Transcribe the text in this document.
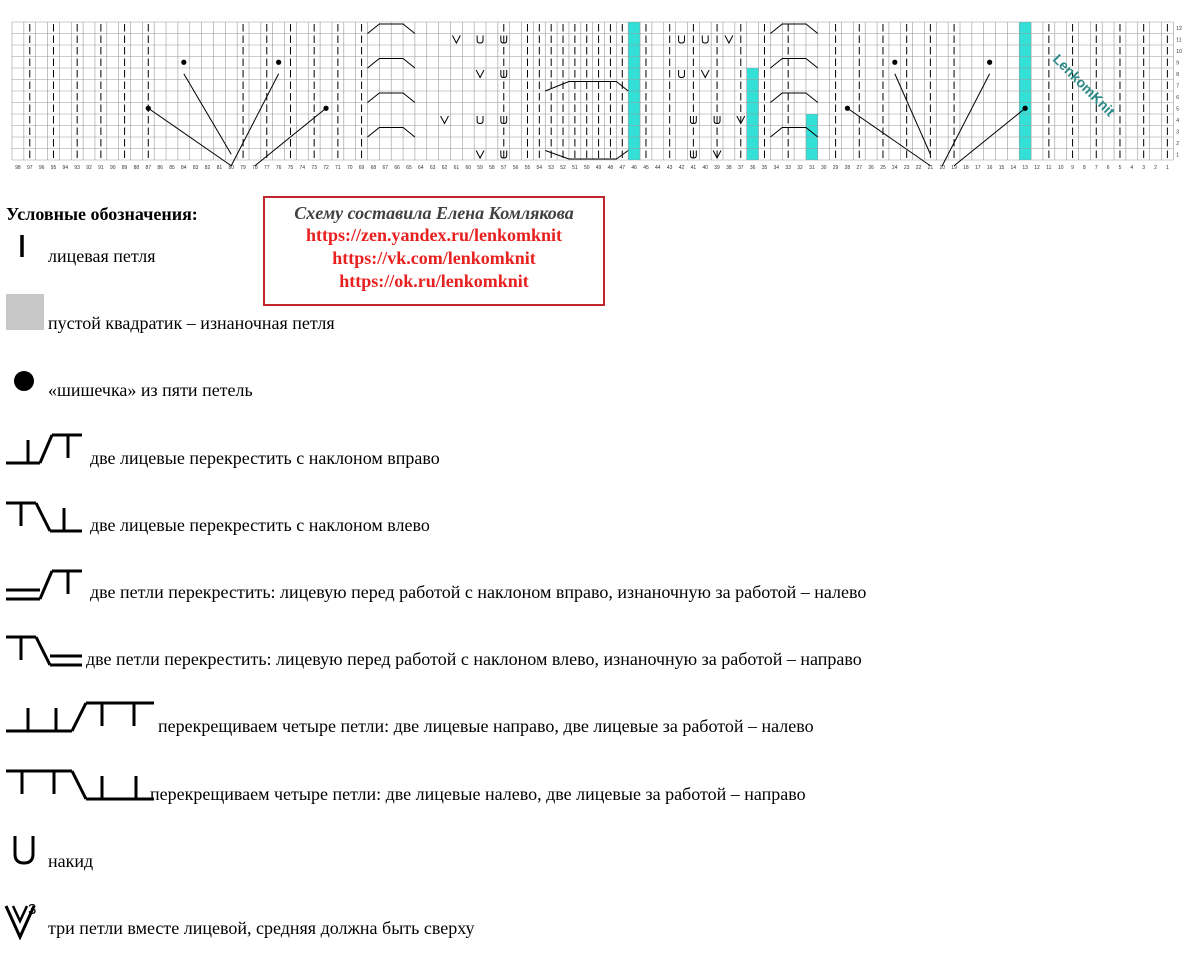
98 97 96 95 94 93 92 91 90 89 88 87 86 85 84 83 82 81 80 79 78 77 76 75 74 73 72 71 70 69 68 67 66 65 64 63 62 61 60 59 58 57 56 55 54 53 52 51 50 49 48 47 46 45 44 43 42 41 40 39 38 37 36 35 34 33 32 31 30 29 28 27 26 25 24 23 22 21 20 19 18 17 16 15 14 13 12 11 10 9 8 7 6 5 4 3 2 1
12
11
10
9
8
7
6
5
4
3
2
1
LenkomKnit
Условные обозначения:	Схему составила Елена Комлякова
https://zen.yandex.ru/lenkomknit
https://vk.com/lenkomknit
https://ok.ru/lenkomknit
лицевая петля
пустой квадратик – изнаночная петля
«шишечка» из пяти петель
две лицевые перекрестить с наклоном вправо
две лицевые перекрестить с наклоном влево
две петли перекрестить: лицевую перед работой с наклоном вправо, изнаночную за работой – налево
две петли перекрестить: лицевую перед работой с наклоном влево, изнаночную за работой – направо
перекрещиваем четыре петли: две лицевые направо, две лицевые за работой – налево
перекрещиваем четыре петли: две лицевые налево, две лицевые за работой – направо
накид
3
три петли вместе лицевой, средняя должна быть сверху
